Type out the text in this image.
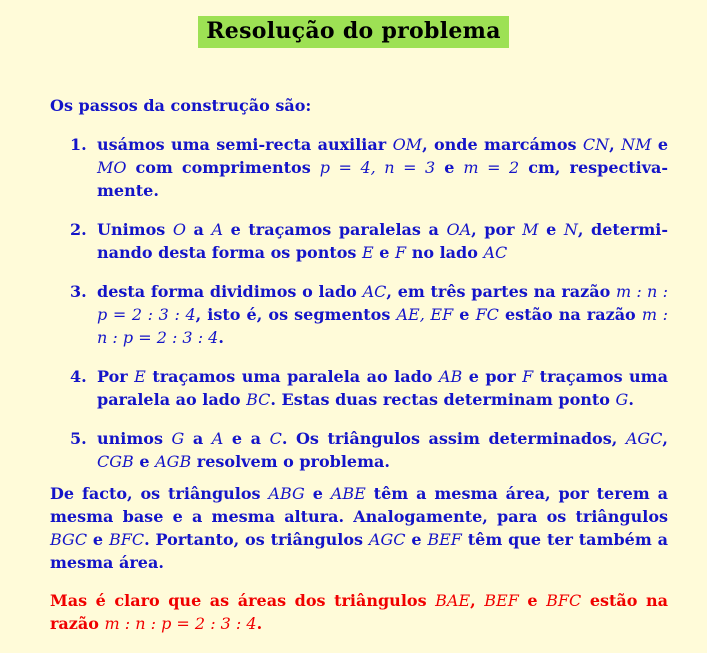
Resolução do problema
Os passos da construção são:
1. usámos uma semi-recta auxiliar OM, onde marcámos CN, NM e MO com comprimentos p = 4, n = 3 e m = 2 cm, respectivamente.
2. Unimos O a A e traçamos paralelas a OA, por M e N, determinando desta forma os pontos E e F no lado AC
3. desta forma dividimos o lado AC, em três partes na razão m : n : p = 2 : 3 : 4, isto é, os segmentos AE, EF e FC estão na razão m : n : p = 2 : 3 : 4.
4. Por E traçamos uma paralela ao lado AB e por F traçamos uma paralela ao lado BC. Estas duas rectas determinam ponto G.
5. unimos G a A e a C. Os triângulos assim determinados, AGC, CGB e AGB resolvem o problema.
De facto, os triângulos ABG e ABE têm a mesma área, por terem a mesma base e a mesma altura. Analogamente, para os triângulos BGC e BFC. Portanto, os triângulos AGC e BEF têm que ter também a mesma área.
Mas é claro que as áreas dos triângulos BAE, BEF e BFC estão na razão m : n : p = 2 : 3 : 4.
